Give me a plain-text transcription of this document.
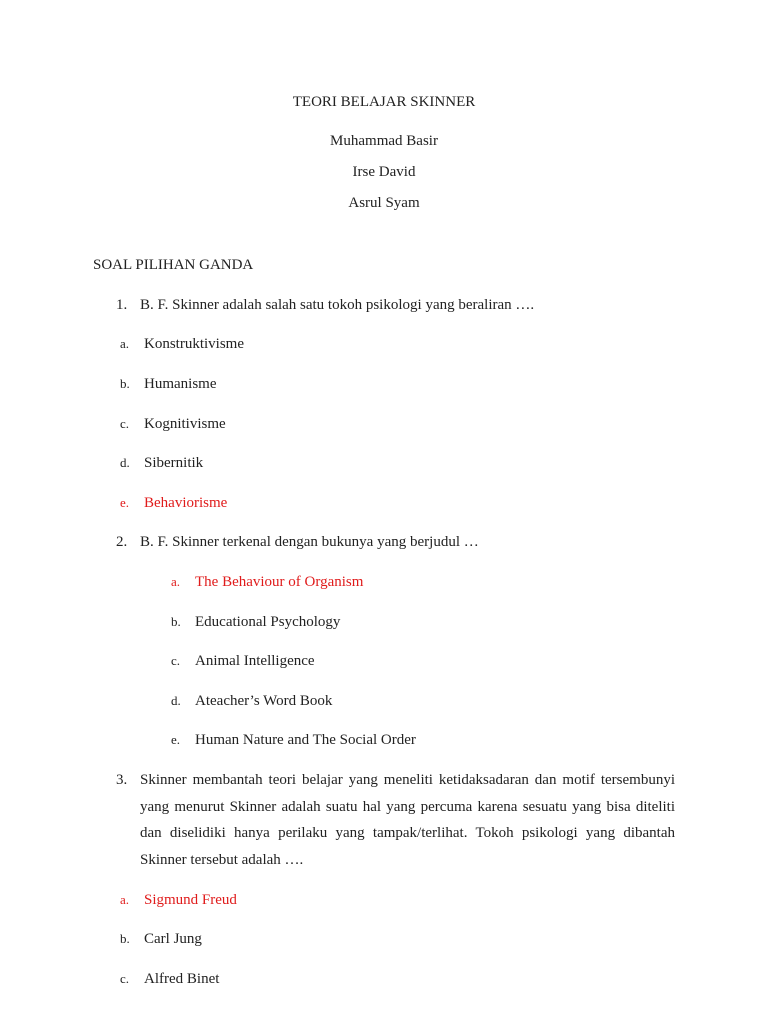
TEORI BELAJAR SKINNER
Muhammad Basir
Irse David
Asrul Syam
SOAL PILIHAN GANDA
1. B. F. Skinner adalah salah satu tokoh psikologi yang beraliran ….
a. Konstruktivisme
b. Humanisme
c. Kognitivisme
d. Sibernitik
e. Behaviorisme
2. B. F. Skinner terkenal dengan bukunya yang berjudul …
a. The Behaviour of Organism
b. Educational Psychology
c. Animal Intelligence
d. Ateacher’s Word Book
e. Human Nature and The Social Order
3. Skinner membantah teori belajar yang meneliti ketidaksadaran dan motif tersembunyi
yang menurut Skinner adalah suatu hal yang percuma karena sesuatu yang bisa diteliti
dan diselidiki hanya perilaku yang tampak/terlihat. Tokoh psikologi yang dibantah
Skinner tersebut adalah ….
a. Sigmund Freud
b. Carl Jung
c. Alfred Binet
